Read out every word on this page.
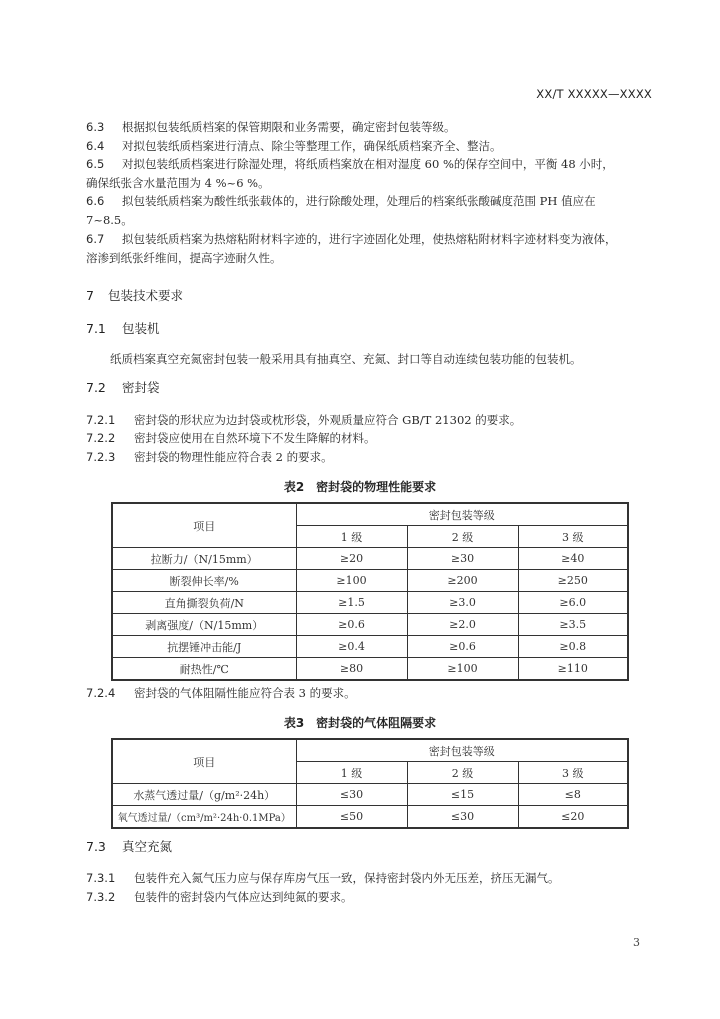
XX/T XXXXX—XXXX
6.3 根据拟包装纸质档案的保管期限和业务需要，确定密封包装等级。
6.4 对拟包装纸质档案进行清点、除尘等整理工作，确保纸质档案齐全、整洁。
6.5 对拟包装纸质档案进行除湿处理，将纸质档案放在相对湿度 60 %的保存空间中，平衡 48 小时，
确保纸张含水量范围为 4 %~6 %。
6.6 拟包装纸质档案为酸性纸张载体的，进行除酸处理，处理后的档案纸张酸碱度范围 PH 值应在
7~8.5。
6.7 拟包装纸质档案为热熔粘附材料字迹的，进行字迹固化处理，使热熔粘附材料字迹材料变为液体，
溶渗到纸张纤维间，提高字迹耐久性。
7 包装技术要求
7.1 包装机
纸质档案真空充氮密封包装一般采用具有抽真空、充氮、封口等自动连续包装功能的包装机。
7.2 密封袋
7.2.1 密封袋的形状应为边封袋或枕形袋，外观质量应符合 GB/T 21302 的要求。
7.2.2 密封袋应使用在自然环境下不发生降解的材料。
7.2.3 密封袋的物理性能应符合表 2 的要求。
表2　密封袋的物理性能要求
项目	密封包装等级		
	1 级	2 级	3 级
拉断力/（N/15mm）	≥20	≥30	≥40
断裂伸长率/%	≥100	≥200	≥250
直角撕裂负荷/N	≥1.5	≥3.0	≥6.0
剥离强度/（N/15mm）	≥0.6	≥2.0	≥3.5
抗摆锤冲击能/J	≥0.4	≥0.6	≥0.8
耐热性/℃	≥80	≥100	≥110
7.2.4 密封袋的气体阻隔性能应符合表 3 的要求。
表3　密封袋的气体阻隔要求
项目	密封包装等级		
	1 级	2 级	3 级
水蒸气透过量/（g/m²·24h）	≤30	≤15	≤8
氧气透过量/（cm³/m²·24h·0.1MPa）	≤50	≤30	≤20
7.3 真空充氮
7.3.1 包装件充入氮气压力应与保存库房气压一致，保持密封袋内外无压差，挤压无漏气。
7.3.2 包装件的密封袋内气体应达到纯氮的要求。
3
